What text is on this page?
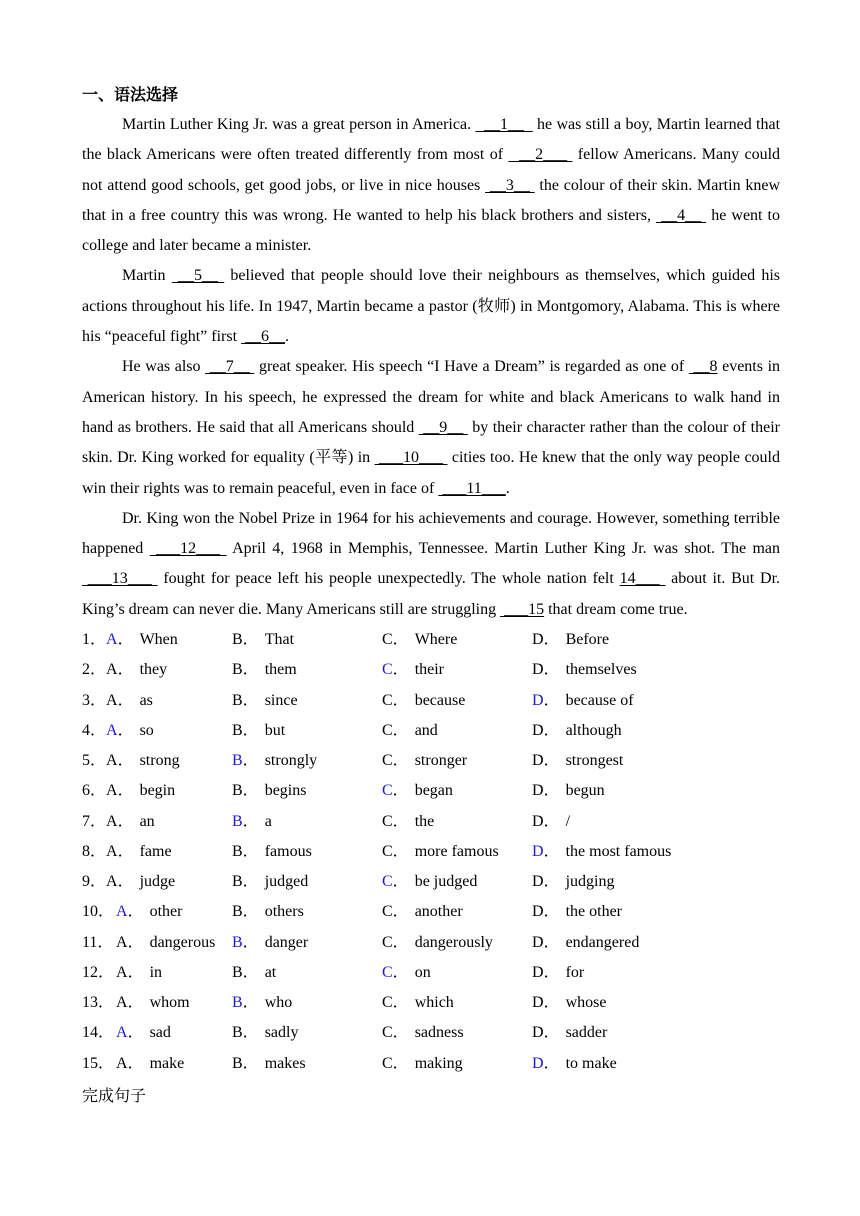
一、语法选择

Martin Luther King Jr. was a great person in America.   __1__   he was still a boy, Martin learned that the black Americans were often treated differently from most of   __2___  fellow Americans. Many could not attend good schools, get good jobs, or live in nice houses  __3__  the colour of their skin. Martin knew that in a free country this was wrong. He wanted to help his black brothers and sisters,  __4__  he went to college and later became a minister.

Martin  __5__  believed that people should love their neighbours as themselves, which guided his actions throughout his life. In 1947, Martin became a pastor (牧师) in Montgomory, Alabama. This is where his “peaceful fight” first  __6__.

He was also  __7__  great speaker. His speech “I Have a Dream” is regarded as one of  __8 events in American history. In his speech, he expressed the dream for white and black Americans to walk hand in hand as brothers. He said that all Americans should  __9__  by their character rather than the colour of their skin. Dr. King worked for equality (平等) in  ___10___  cities too. He knew that the only way people could win their rights was to remain peaceful, even in face of  ___11___.

Dr. King won the Nobel Prize in 1964 for his achievements and courage. However, something terrible happened  ___12___  April 4, 1968 in Memphis, Tennessee. Martin Luther King Jr. was shot. The man  ___13___  fought for peace left his people unexpectedly. The whole nation felt 14___  about it. But Dr. King’s dream can never die. Many Americans still are struggling  ___15 that dream come true.

1． A． When	B． That	C． Where	D． Before
2． A． they	B． them	C． their	D． themselves
3． A． as	B． since	C． because	D． because of
4． A． so	B． but	C． and	D． although
5． A． strong	B． strongly	C． stronger	D． strongest
6． A． begin	B． begins	C． began	D． begun
7． A． an	B． a	C． the	D． /
8． A． fame	B． famous	C． more famous D． the most famous
9． A． judge	B． judged	C． be judged	D． judging
10． A． other	B． others	C． another	D． the other
11． A． dangerous B． danger	C． dangerously D． endangered
12． A． in	B． at	C． on	D． for
13． A． whom	B． who	C． which	D． whose
14． A． sad	B． sadly	C． sadness	D． sadder
15． A． make	B． makes	C． making	D． to make
完成句子
